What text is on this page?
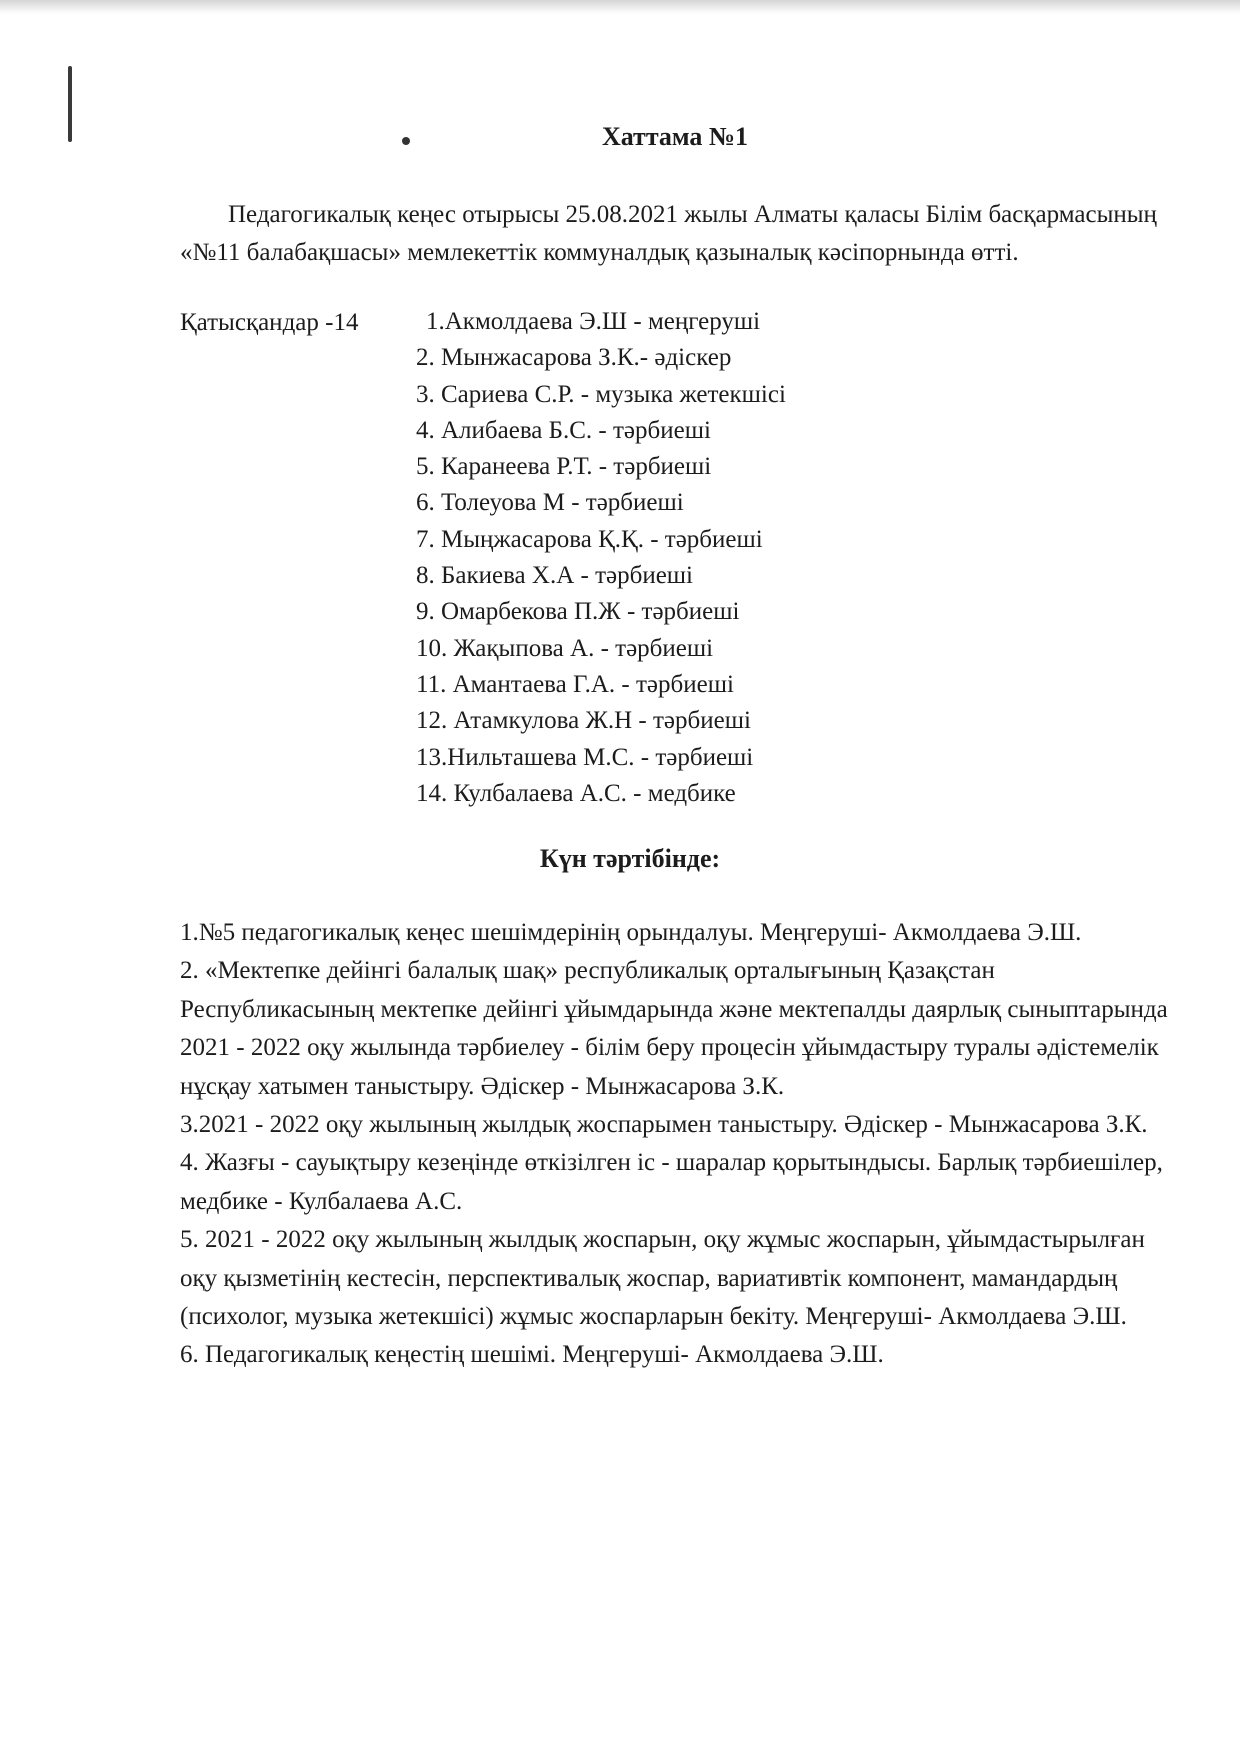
Хаттама №1

Педагогикалық кеңес отырысы 25.08.2021 жылы Алматы қаласы Білім басқармасының «№11 балабақшасы» мемлекеттік коммуналдық қазыналық кәсіпорнында өтті.

Қатысқандар -14	1.Акмолдаева Э.Ш - меңгеруші
2. Мынжасарова З.К.- әдіскер
3. Сариева С.Р. - музыка жетекшісі
4. Алибаева Б.С. - тәрбиеші
5. Каранеева Р.Т. - тәрбиеші
6. Толеуова М - тәрбиеші
7. Мыңжасарова Қ.Қ. - тәрбиеші
8. Бакиева Х.А - тәрбиеші
9. Омарбекова П.Ж - тәрбиеші
10. Жақыпова А. - тәрбиеші
11. Амантаева Г.А. - тәрбиеші
12. Атамкулова Ж.Н - тәрбиеші
13.Нильташева М.С. - тәрбиеші
14. Кулбалаева А.С. - медбике
Күн тәртібінде:
1.№5 педагогикалық кеңес шешімдерінің орындалуы. Меңгеруші- Акмолдаева Э.Ш.
2. «Мектепке дейінгі балалық шақ» республикалық орталығының Қазақстан Республикасының мектепке дейінгі ұйымдарында және мектепалды даярлық сыныптарында 2021 - 2022 оқу жылында тәрбиелеу - білім беру процесін ұйымдастыру туралы әдістемелік нұсқау хатымен таныстыру. Әдіскер - Мынжасарова З.К.
3.2021 - 2022 оқу жылының жылдық жоспарымен таныстыру. Әдіскер - Мынжасарова З.К.
4. Жазғы - сауықтыру кезеңінде өткізілген іс - шаралар қорытындысы. Барлық тәрбиешілер, медбике - Кулбалаева А.С.
5. 2021 - 2022 оқу жылының жылдық жоспарын, оқу жұмыс жоспарын, ұйымдастырылған оқу қызметінің кестесін, перспективалық жоспар, вариативтік компонент, мамандардың (психолог, музыка жетекшісі) жұмыс жоспарларын бекіту. Меңгеруші- Акмолдаева Э.Ш.
6. Педагогикалық кеңестің шешімі. Меңгеруші- Акмолдаева Э.Ш.
